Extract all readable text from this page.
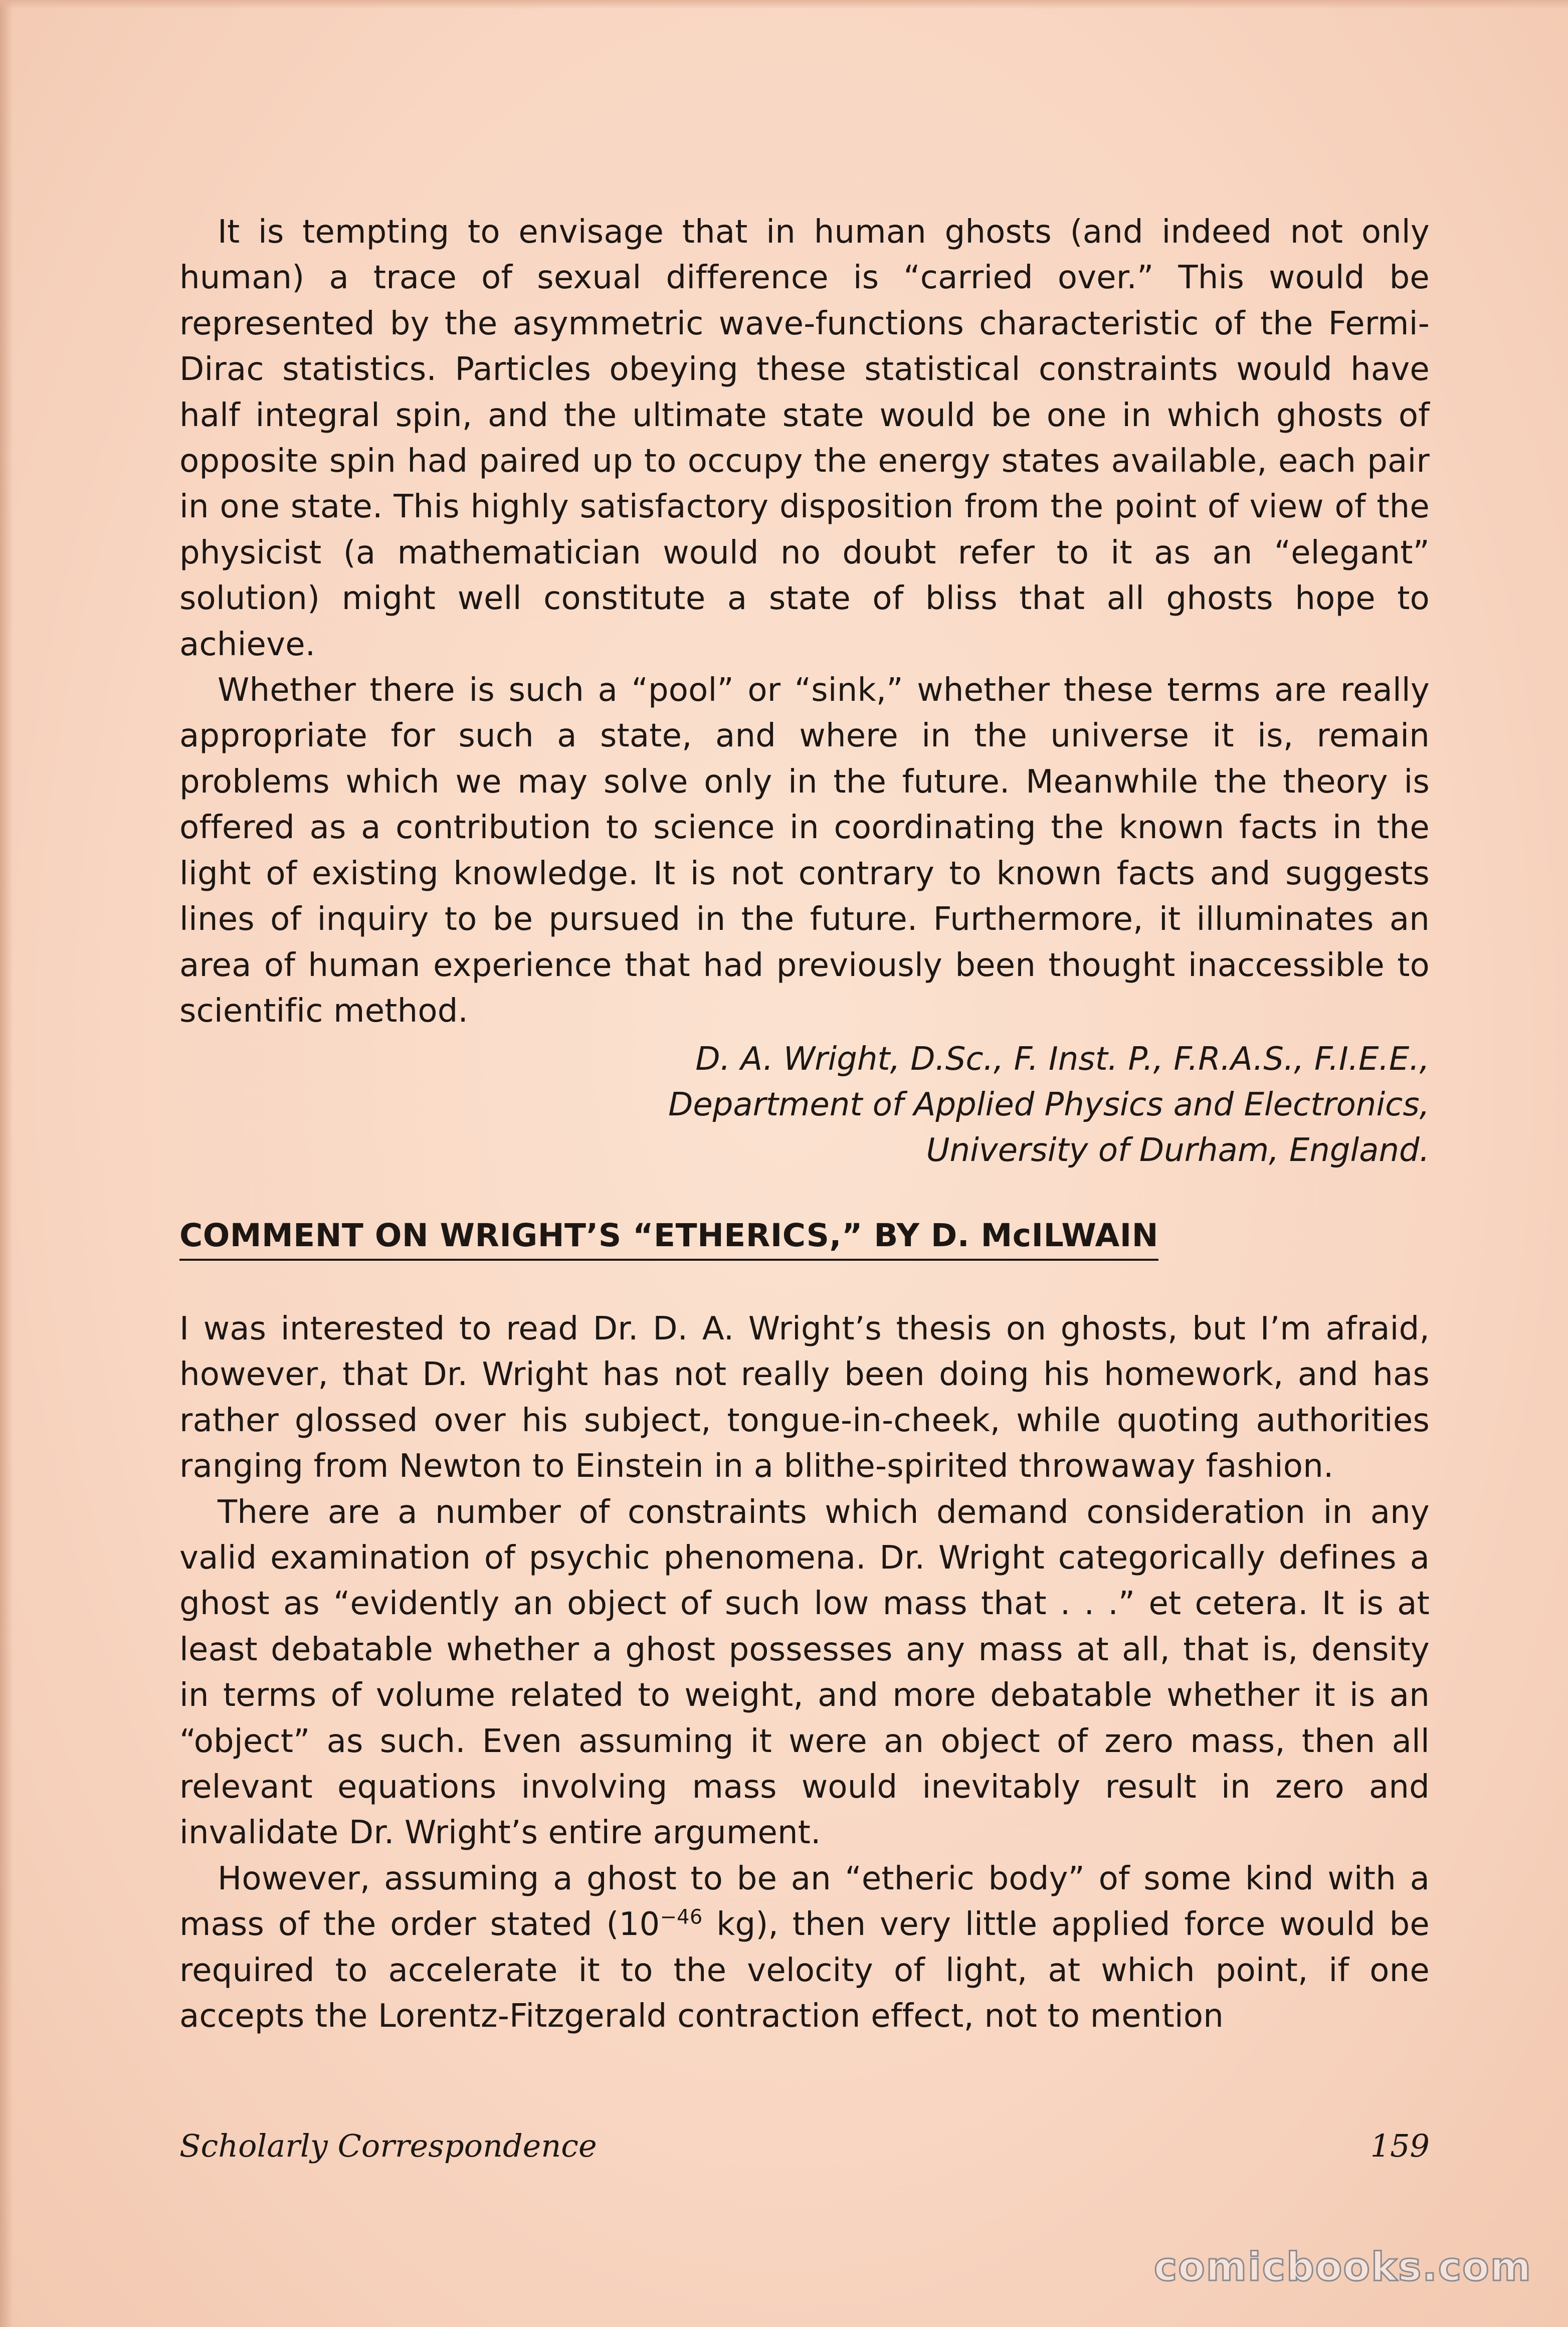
It is tempting to envisage that in human ghosts (and indeed not only human) a trace of sexual difference is “carried over.” This would be represented by the asymmetric wave-functions characteristic of the Fermi-Dirac statistics. Particles obeying these statistical constraints would have half integral spin, and the ultimate state would be one in which ghosts of opposite spin had paired up to occupy the energy states available, each pair in one state. This highly satisfactory disposition from the point of view of the physicist (a mathematician would no doubt refer to it as an “elegant” solution) might well constitute a state of bliss that all ghosts hope to achieve.

Whether there is such a “pool” or “sink,” whether these terms are really appropriate for such a state, and where in the universe it is, remain problems which we may solve only in the future. Meanwhile the theory is offered as a contribution to science in coordinating the known facts in the light of existing knowledge. It is not contrary to known facts and suggests lines of inquiry to be pursued in the future. Furthermore, it illuminates an area of human experience that had previously been thought inaccessible to scientific method.

D. A. Wright, D.Sc., F. Inst. P., F.R.A.S., F.I.E.E.,
Department of Applied Physics and Electronics,
University of Durham, England.
COMMENT ON WRIGHT’S “ETHERICS,” BY D. McILWAIN

I was interested to read Dr. D. A. Wright’s thesis on ghosts, but I’m afraid, however, that Dr. Wright has not really been doing his homework, and has rather glossed over his subject, tongue-in-cheek, while quoting authorities ranging from Newton to Einstein in a blithe-spirited throwaway fashion.

There are a number of constraints which demand consideration in any valid examination of psychic phenomena. Dr. Wright categorically defines a ghost as “evidently an object of such low mass that . . .” et cetera. It is at least debatable whether a ghost possesses any mass at all, that is, density in terms of volume related to weight, and more debatable whether it is an “object” as such. Even assuming it were an object of zero mass, then all relevant equations involving mass would inevitably result in zero and invalidate Dr. Wright’s entire argument.

However, assuming a ghost to be an “etheric body” of some kind with a mass of the order stated ($10^{-46}$ kg), then very little applied force would be required to accelerate it to the velocity of light, at which point, if one accepts the Lorentz-Fitzgerald contraction effect, not to mention

Scholarly Correspondence	159
comicbooks.com
